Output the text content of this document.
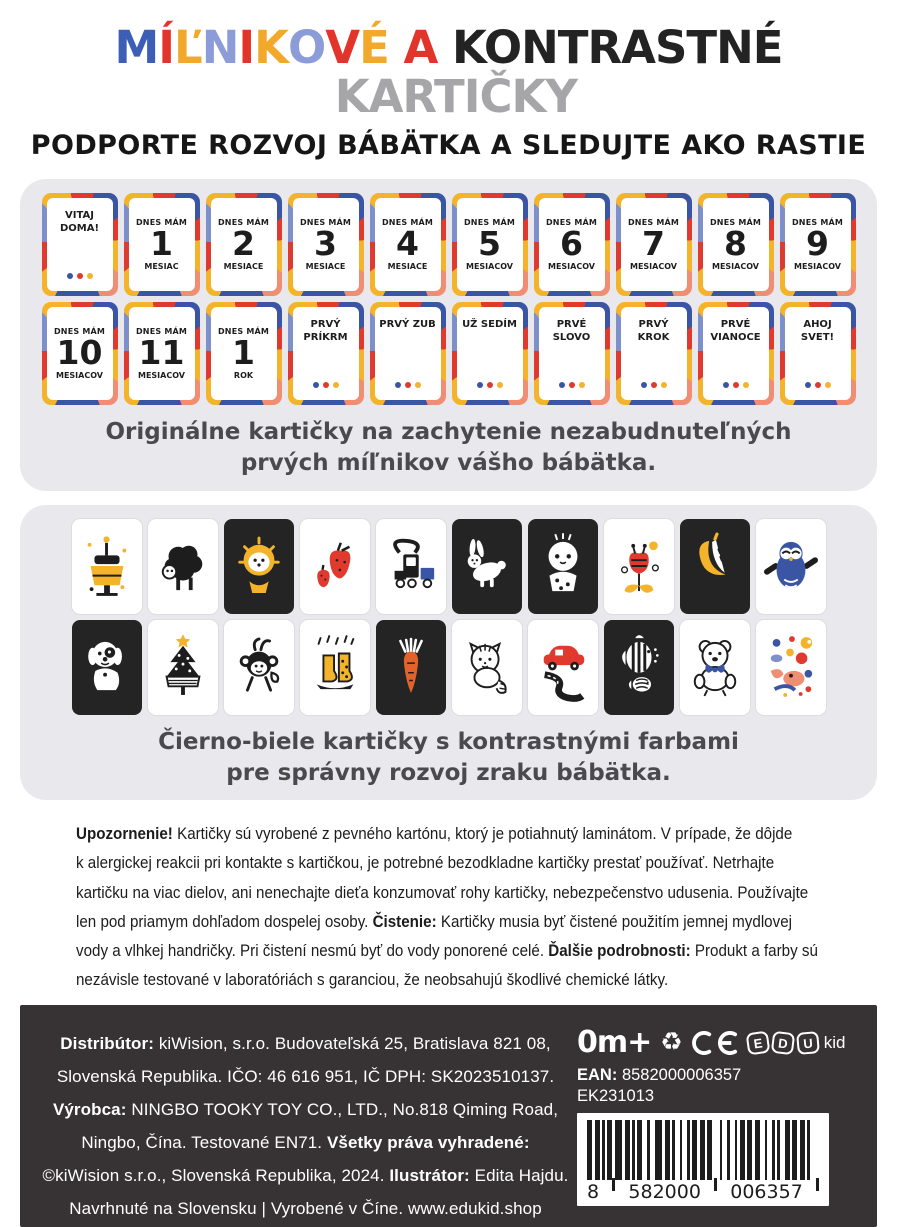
MÍĽNIKOVÉ A KONTRASTNÉ KARTIČKY
PODPORTE ROZVOJ BÁBÄTKA A SLEDUJTE AKO RASTIE
VITAJ DOMA!	DNES MÁM
1
MESIAC
DNES MÁM
2
MESIACE
DNES MÁM
3
MESIACE
DNES MÁM
4
MESIACE
DNES MÁM
5
MESIACOV
DNES MÁM
6
MESIACOV
DNES MÁM
7
MESIACOV
DNES MÁM
8
MESIACOV
DNES MÁM
9
MESIACOV
DNES MÁM
10
MESIACOV
DNES MÁM
11
MESIACOV
DNES MÁM
1
ROK
PRVÝ PRÍKRM
PRVÝ ZUB	UŽ SEDÍM	PRVÉ SLOVO
PRVÝ KROK
PRVÉ VIANOCE
AHOJ SVET!
Originálne kartičky na zachytenie nezabudnuteľných
prvých míľnikov vášho bábätka.
Čierno-biele kartičky s kontrastnými farbami
pre správny rozvoj zraku bábätka.
Upozornenie! Kartičky sú vyrobené z pevného kartónu, ktorý je potiahnutý laminátom. V prípade, že dôjde
k alergickej reakcii pri kontakte s kartičkou, je potrebné bezodkladne kartičky prestať používať. Netrhajte
kartičku na viac dielov, ani nenechajte dieťa konzumovať rohy kartičky, nebezpečenstvo udusenia. Používajte
len pod priamym dohľadom dospelej osoby. Čistenie: Kartičky musia byť čistené použitím jemnej mydlovej
vody a vlhkej handričky. Pri čistení nesmú byť do vody ponorené celé. Ďalšie podrobnosti: Produkt a farby sú
nezávisle testované v laboratóriách s garanciou, že neobsahujú škodlivé chemické látky.
Distribútor: kiWision, s.r.o. Budovateľská 25, Bratislava 821 08,
Slovenská Republika. IČO: 46 616 951, IČ DPH: SK2023510137.
Výrobca: NINGBO TOOKY TOY CO., LTD., No.818 Qiming Road,
Ningbo, Čína. Testované EN71. Všetky práva vyhradené:
©kiWision s.r.o., Slovenská Republika, 2024. Ilustrátor: Edita Hajdu.
Navrhnuté na Slovensku | Vyrobené v Číne. www.edukid.shop
0m+ ♻︎	E	D	U kid
EAN: 8582000006357
EK231013
8 582000 006357
